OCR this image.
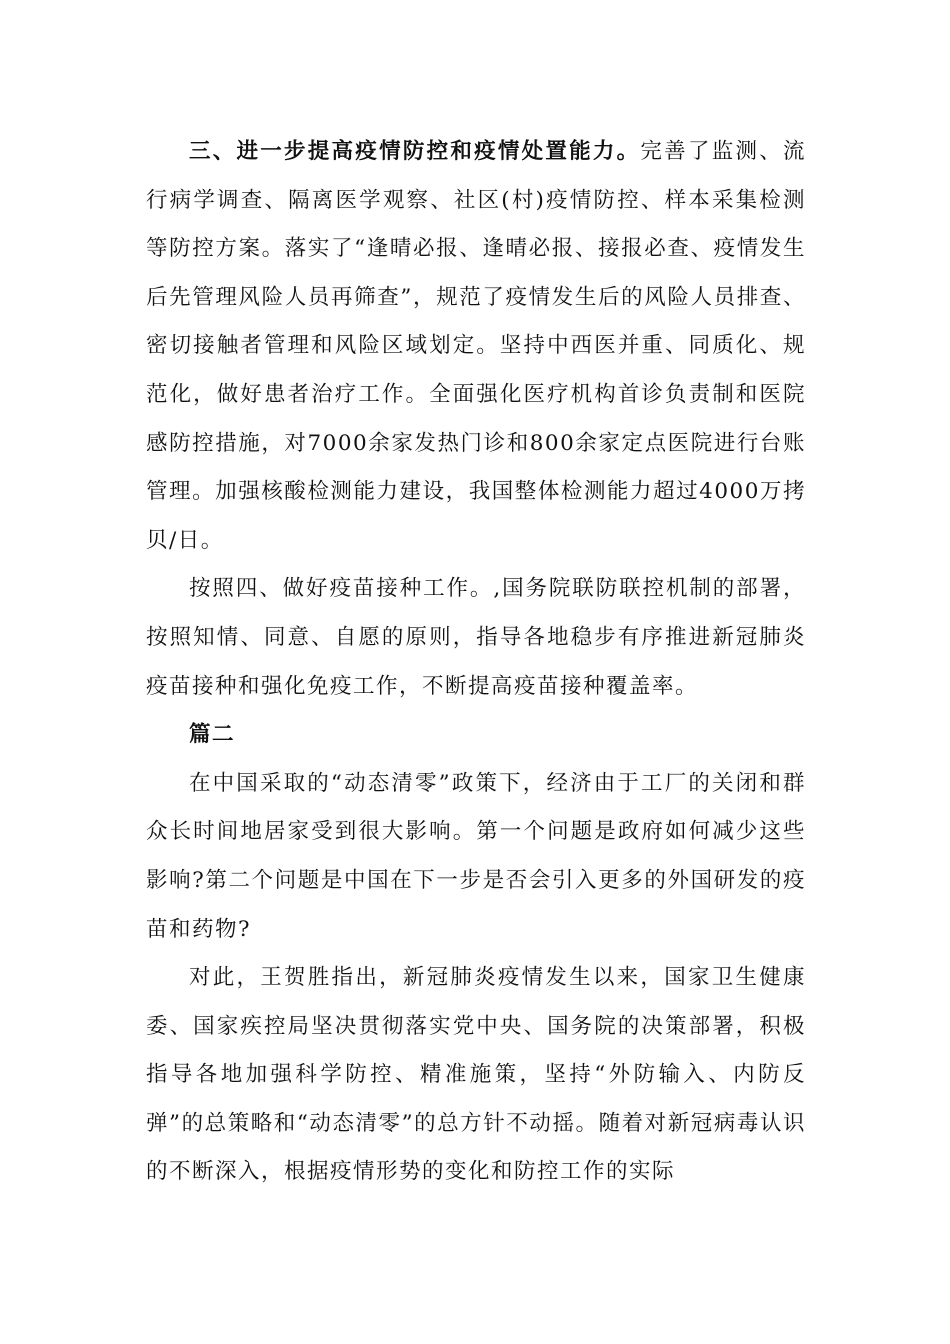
三、进一步提高疫情防控和疫情处置能力。完善了监测、流行病学调查、隔离医学观察、社区(村)疫情防控、样本采集检测等防控方案。落实了“逢晴必报、逢晴必报、接报必查、疫情发生后先管理风险人员再筛查”，规范了疫情发生后的风险人员排查、密切接触者管理和风险区域划定。坚持中西医并重、同质化、规范化，做好患者治疗工作。全面强化医疗机构首诊负责制和医院感防控措施，对7000余家发热门诊和800余家定点医院进行台账管理。加强核酸检测能力建设，我国整体检测能力超过4000万拷贝/日。

按照四、做好疫苗接种工作。,国务院联防联控机制的部署，按照知情、同意、自愿的原则，指导各地稳步有序推进新冠肺炎疫苗接种和强化免疫工作，不断提高疫苗接种覆盖率。

篇二

在中国采取的“动态清零”政策下，经济由于工厂的关闭和群众长时间地居家受到很大影响。第一个问题是政府如何减少这些影响?第二个问题是中国在下一步是否会引入更多的外国研发的疫苗和药物?

对此，王贺胜指出，新冠肺炎疫情发生以来，国家卫生健康委、国家疾控局坚决贯彻落实党中央、国务院的决策部署，积极指导各地加强科学防控、精准施策，坚持“外防输入、内防反弹”的总策略和“动态清零”的总方针不动摇。随着对新冠病毒认识的不断深入，根据疫情形势的变化和防控工作的实际
